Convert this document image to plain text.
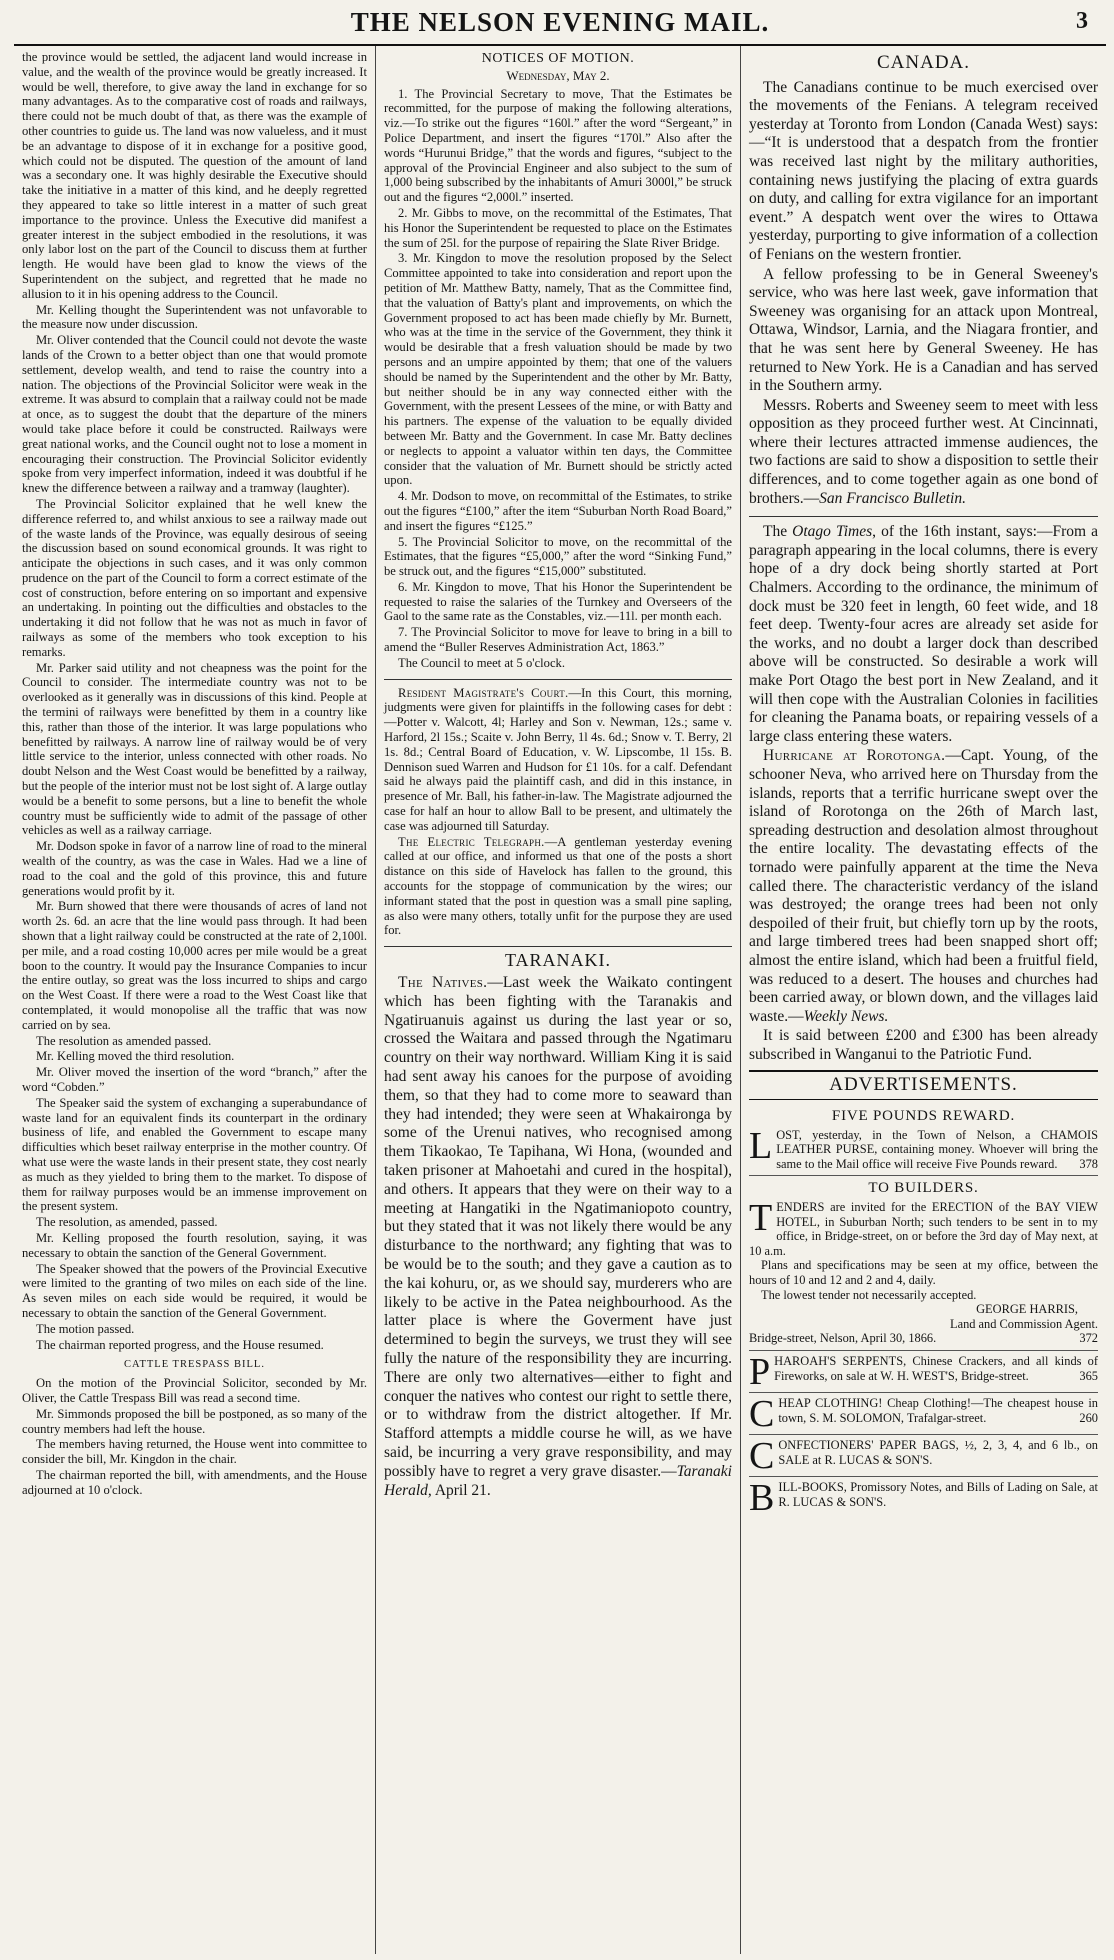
THE NELSON EVENING MAIL.	3

the province would be settled, the adjacent land would increase in value, and the wealth of the province would be greatly increased. It would be well, therefore, to give away the land in exchange for so many advantages. As to the comparative cost of roads and railways, there could not be much doubt of that, as there was the example of other countries to guide us. The land was now valueless, and it must be an advantage to dispose of it in exchange for a positive good, which could not be disputed. The question of the amount of land was a secondary one. It was highly desirable the Executive should take the initiative in a matter of this kind, and he deeply regretted they appeared to take so little interest in a matter of such great importance to the province. Unless the Executive did manifest a greater interest in the subject embodied in the resolutions, it was only labor lost on the part of the Council to discuss them at further length. He would have been glad to know the views of the Superintendent on the subject, and regretted that he made no allusion to it in his opening address to the Council.

Mr. Kelling thought the Superintendent was not unfavorable to the measure now under discussion.

Mr. Oliver contended that the Council could not devote the waste lands of the Crown to a better object than one that would promote settlement, develop wealth, and tend to raise the country into a nation. The objections of the Provincial Solicitor were weak in the extreme. It was absurd to complain that a railway could not be made at once, as to suggest the doubt that the departure of the miners would take place before it could be constructed. Railways were great national works, and the Council ought not to lose a moment in encouraging their construction. The Provincial Solicitor evidently spoke from very imperfect information, indeed it was doubtful if he knew the difference between a railway and a tramway (laughter).

The Provincial Solicitor explained that he well knew the difference referred to, and whilst anxious to see a railway made out of the waste lands of the Province, was equally desirous of seeing the discussion based on sound economical grounds. It was right to anticipate the objections in such cases, and it was only common prudence on the part of the Council to form a correct estimate of the cost of construction, before entering on so important and expensive an undertaking. In pointing out the difficulties and obstacles to the undertaking it did not follow that he was not as much in favor of railways as some of the members who took exception to his remarks.

Mr. Parker said utility and not cheapness was the point for the Council to consider. The intermediate country was not to be overlooked as it generally was in discussions of this kind. People at the termini of railways were benefitted by them in a country like this, rather than those of the interior. It was large populations who benefitted by railways. A narrow line of railway would be of very little service to the interior, unless connected with other roads. No doubt Nelson and the West Coast would be benefitted by a railway, but the people of the interior must not be lost sight of. A large outlay would be a benefit to some persons, but a line to benefit the whole country must be sufficiently wide to admit of the passage of other vehicles as well as a railway carriage.

Mr. Dodson spoke in favor of a narrow line of road to the mineral wealth of the country, as was the case in Wales. Had we a line of road to the coal and the gold of this province, this and future generations would profit by it.

Mr. Burn showed that there were thousands of acres of land not worth 2s. 6d. an acre that the line would pass through. It had been shown that a light railway could be constructed at the rate of 2,100l. per mile, and a road costing 10,000 acres per mile would be a great boon to the country. It would pay the Insurance Companies to incur the entire outlay, so great was the loss incurred to ships and cargo on the West Coast. If there were a road to the West Coast like that contemplated, it would monopolise all the traffic that was now carried on by sea.

The resolution as amended passed.

Mr. Kelling moved the third resolution.

Mr. Oliver moved the insertion of the word “branch,” after the word “Cobden.”

The Speaker said the system of exchanging a superabundance of waste land for an equivalent finds its counterpart in the ordinary business of life, and enabled the Government to escape many difficulties which beset railway enterprise in the mother country. Of what use were the waste lands in their present state, they cost nearly as much as they yielded to bring them to the market. To dispose of them for railway purposes would be an immense improvement on the present system.

The resolution, as amended, passed.

Mr. Kelling proposed the fourth resolution, saying, it was necessary to obtain the sanction of the General Government.

The Speaker showed that the powers of the Provincial Executive were limited to the granting of two miles on each side of the line. As seven miles on each side would be required, it would be necessary to obtain the sanction of the General Government.

The motion passed.

The chairman reported progress, and the House resumed.

CATTLE TRESPASS BILL.

On the motion of the Provincial Solicitor, seconded by Mr. Oliver, the Cattle Trespass Bill was read a second time.

Mr. Simmonds proposed the bill be postponed, as so many of the country members had left the house.

The members having returned, the House went into committee to consider the bill, Mr. Kingdon in the chair.

The chairman reported the bill, with amendments, and the House adjourned at 10 o'clock.

NOTICES OF MOTION.
Wednesday, May 2.

1. The Provincial Secretary to move, That the Estimates be recommitted, for the purpose of making the following alterations, viz.—To strike out the figures “160l.” after the word “Sergeant,” in Police Department, and insert the figures “170l.” Also after the words “Hurunui Bridge,” that the words and figures, “subject to the approval of the Provincial Engineer and also subject to the sum of 1,000 being subscribed by the inhabitants of Amuri 3000l,” be struck out and the figures “2,000l.” inserted.

2. Mr. Gibbs to move, on the recommittal of the Estimates, That his Honor the Superintendent be requested to place on the Estimates the sum of 25l. for the purpose of repairing the Slate River Bridge.

3. Mr. Kingdon to move the resolution proposed by the Select Committee appointed to take into consideration and report upon the petition of Mr. Matthew Batty, namely, That as the Committee find, that the valuation of Batty's plant and improvements, on which the Government proposed to act has been made chiefly by Mr. Burnett, who was at the time in the service of the Government, they think it would be desirable that a fresh valuation should be made by two persons and an umpire appointed by them; that one of the valuers should be named by the Superintendent and the other by Mr. Batty, but neither should be in any way connected either with the Government, with the present Lessees of the mine, or with Batty and his partners. The expense of the valuation to be equally divided between Mr. Batty and the Government. In case Mr. Batty declines or neglects to appoint a valuator within ten days, the Committee consider that the valuation of Mr. Burnett should be strictly acted upon.

4. Mr. Dodson to move, on recommittal of the Estimates, to strike out the figures “£100,” after the item “Suburban North Road Board,” and insert the figures “£125.”

5. The Provincial Solicitor to move, on the recommittal of the Estimates, that the figures “£5,000,” after the word “Sinking Fund,” be struck out, and the figures “£15,000” substituted.

6. Mr. Kingdon to move, That his Honor the Superintendent be requested to raise the salaries of the Turnkey and Overseers of the Gaol to the same rate as the Constables, viz.—11l. per month each.

7. The Provincial Solicitor to move for leave to bring in a bill to amend the “Buller Reserves Administration Act, 1863.”

The Council to meet at 5 o'clock.

Resident Magistrate's Court.—In this Court, this morning, judgments were given for plaintiffs in the following cases for debt :—Potter v. Walcott, 4l; Harley and Son v. Newman, 12s.; same v. Harford, 2l 15s.; Scaite v. John Berry, 1l 4s. 6d.; Snow v. T. Berry, 2l 1s. 8d.; Central Board of Education, v. W. Lipscombe, 1l 15s. B. Dennison sued Warren and Hudson for £1 10s. for a calf. Defendant said he always paid the plaintiff cash, and did in this instance, in presence of Mr. Ball, his father-in-law. The Magistrate adjourned the case for half an hour to allow Ball to be present, and ultimately the case was adjourned till Saturday.

The Electric Telegraph.—A gentleman yesterday evening called at our office, and informed us that one of the posts a short distance on this side of Havelock has fallen to the ground, this accounts for the stoppage of communication by the wires; our informant stated that the post in question was a small pine sapling, as also were many others, totally unfit for the purpose they are used for.

TARANAKI.

The Natives.—Last week the Waikato contingent which has been fighting with the Taranakis and Ngatiruanuis against us during the last year or so, crossed the Waitara and passed through the Ngatimaru country on their way northward. William King it is said had sent away his canoes for the purpose of avoiding them, so that they had to come more to seaward than they had intended; they were seen at Whakaironga by some of the Urenui natives, who recognised among them Tikaokao, Te Tapihana, Wi Hona, (wounded and taken prisoner at Mahoetahi and cured in the hospital), and others. It appears that they were on their way to a meeting at Hangatiki in the Ngatimaniopoto country, but they stated that it was not likely there would be any disturbance to the northward; any fighting that was to be would be to the south; and they gave a caution as to the kai kohuru, or, as we should say, murderers who are likely to be active in the Patea neighbourhood. As the latter place is where the Goverment have just determined to begin the surveys, we trust they will see fully the nature of the responsibility they are incurring. There are only two alternatives—either to fight and conquer the natives who contest our right to settle there, or to withdraw from the district altogether. If Mr. Stafford attempts a middle course he will, as we have said, be incurring a very grave responsibility, and may possibly have to regret a very grave disaster.—Taranaki Herald, April 21.

CANADA.

The Canadians continue to be much exercised over the movements of the Fenians. A telegram received yesterday at Toronto from London (Canada West) says:—“It is understood that a despatch from the frontier was received last night by the military authorities, containing news justifying the placing of extra guards on duty, and calling for extra vigilance for an important event.” A despatch went over the wires to Ottawa yesterday, purporting to give information of a collection of Fenians on the western frontier.

A fellow professing to be in General Sweeney's service, who was here last week, gave information that Sweeney was organising for an attack upon Montreal, Ottawa, Windsor, Larnia, and the Niagara frontier, and that he was sent here by General Sweeney. He has returned to New York. He is a Canadian and has served in the Southern army.

Messrs. Roberts and Sweeney seem to meet with less opposition as they proceed further west. At Cincinnati, where their lectures attracted immense audiences, the two factions are said to show a disposition to settle their differences, and to come together again as one bond of brothers.—San Francisco Bulletin.

The Otago Times, of the 16th instant, says:—From a paragraph appearing in the local columns, there is every hope of a dry dock being shortly started at Port Chalmers. According to the ordinance, the minimum of dock must be 320 feet in length, 60 feet wide, and 18 feet deep. Twenty-four acres are already set aside for the works, and no doubt a larger dock than described above will be constructed. So desirable a work will make Port Otago the best port in New Zealand, and it will then cope with the Australian Colonies in facilities for cleaning the Panama boats, or repairing vessels of a large class entering these waters.

Hurricane at Rorotonga.—Capt. Young, of the schooner Neva, who arrived here on Thursday from the islands, reports that a terrific hurricane swept over the island of Rorotonga on the 26th of March last, spreading destruction and desolation almost throughout the entire locality. The devastating effects of the tornado were painfully apparent at the time the Neva called there. The characteristic verdancy of the island was destroyed; the orange trees had been not only despoiled of their fruit, but chiefly torn up by the roots, and large timbered trees had been snapped short off; almost the entire island, which had been a fruitful field, was reduced to a desert. The houses and churches had been carried away, or blown down, and the villages laid waste.—Weekly News.

It is said between £200 and £300 has been already subscribed in Wanganui to the Patriotic Fund.

ADVERTISEMENTS.
FIVE POUNDS REWARD.
L OST, yesterday, in the Town of Nelson, a CHAMOIS LEATHER PURSE, containing money. Whoever will bring the same to the Mail office will receive Five Pounds reward. 378
TO BUILDERS.
T ENDERS are invited for the ERECTION of the BAY VIEW HOTEL, in Suburban North; such tenders to be sent in to my office, in Bridge-street, on or before the 3rd day of May next, at 10 a.m.
Plans and specifications may be seen at my office, between the hours of 10 and 12 and 2 and 4, daily.
The lowest tender not necessarily accepted.
GEORGE HARRIS,
Land and Commission Agent.
Bridge-street, Nelson, April 30, 1866.	372
P HAROAH'S SERPENTS, Chinese Crackers, and all kinds of Fireworks, on sale at W. H. WEST'S, Bridge-street.	365
C HEAP CLOTHING! Cheap Clothing!—The cheapest house in town, S. M. SOLOMON, Trafalgar-street.	260
C ONFECTIONERS' PAPER BAGS, ½, 2, 3, 4, and 6 lb., on SALE at R. LUCAS & SON'S.
B ILL-BOOKS, Promissory Notes, and Bills of Lading on Sale, at R. LUCAS & SON'S.
